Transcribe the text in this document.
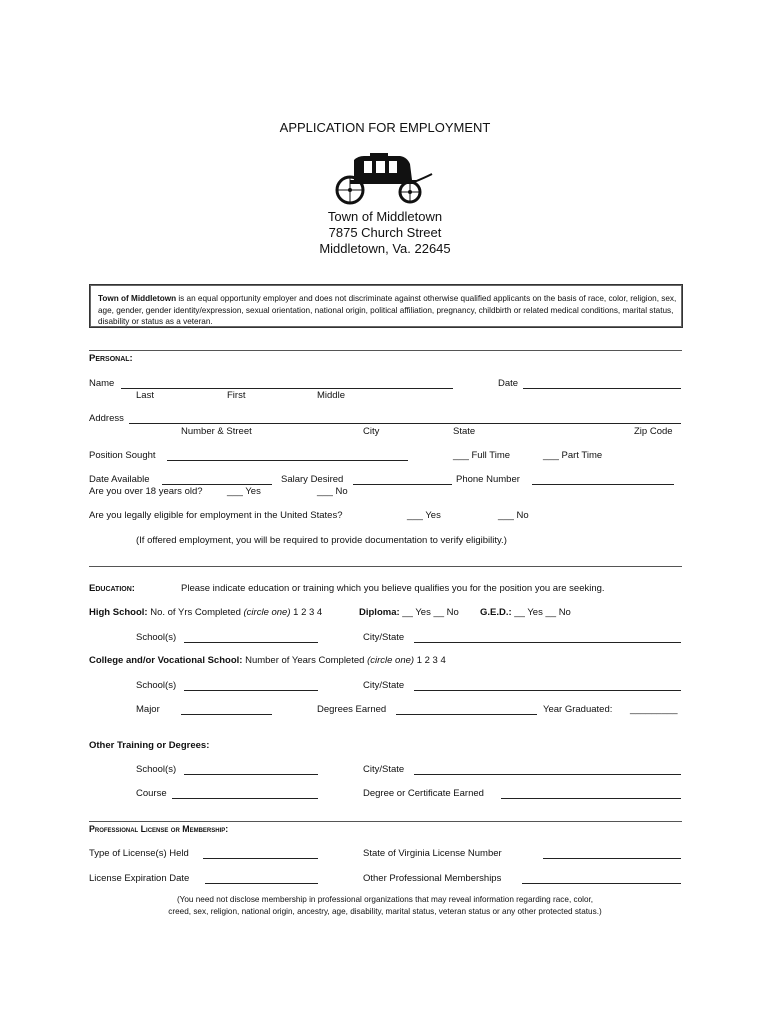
APPLICATION FOR EMPLOYMENT
Town of Middletown
7875 Church Street
Middletown, Va. 22645
Town of Middletown is an equal opportunity employer and does not discriminate against otherwise qualified applicants on the basis of race, color, religion, sex, age, gender, gender identity/expression, sexual orientation, national origin, political affiliation, pregnancy, childbirth or related medical conditions, marital status, disability or status as a veteran.
Personal:
Name	Date
Last	First	Middle
Address
Number & Street	City	State	Zip Code
Position Sought	___ Full Time	___ Part Time
Date Available	Salary Desired	Phone Number
Are you over 18 years old?	___ Yes	___ No
Are you legally eligible for employment in the United States?	___ Yes	___ No
(If offered employment, you will be required to provide documentation to verify eligibility.)
Education:	Please indicate education or training which you believe qualifies you for the position you are seeking.
High School: No. of Yrs Completed (circle one) 1 2 3 4	Diploma: __ Yes __ No G.E.D.: __ Yes __ No
School(s)	City/State
College and/or Vocational School: Number of Years Completed (circle one) 1 2 3 4
School(s)	City/State
Major	Degrees Earned	Year Graduated: _________
Other Training or Degrees:
School(s)	City/State
Course	Degree or Certificate Earned
Professional License or Membership:
Type of License(s) Held	State of Virginia License Number
License Expiration Date	Other Professional Memberships
(You need not disclose membership in professional organizations that may reveal information regarding race, color,
creed, sex, religion, national origin, ancestry, age, disability, marital status, veteran status or any other protected status.)
